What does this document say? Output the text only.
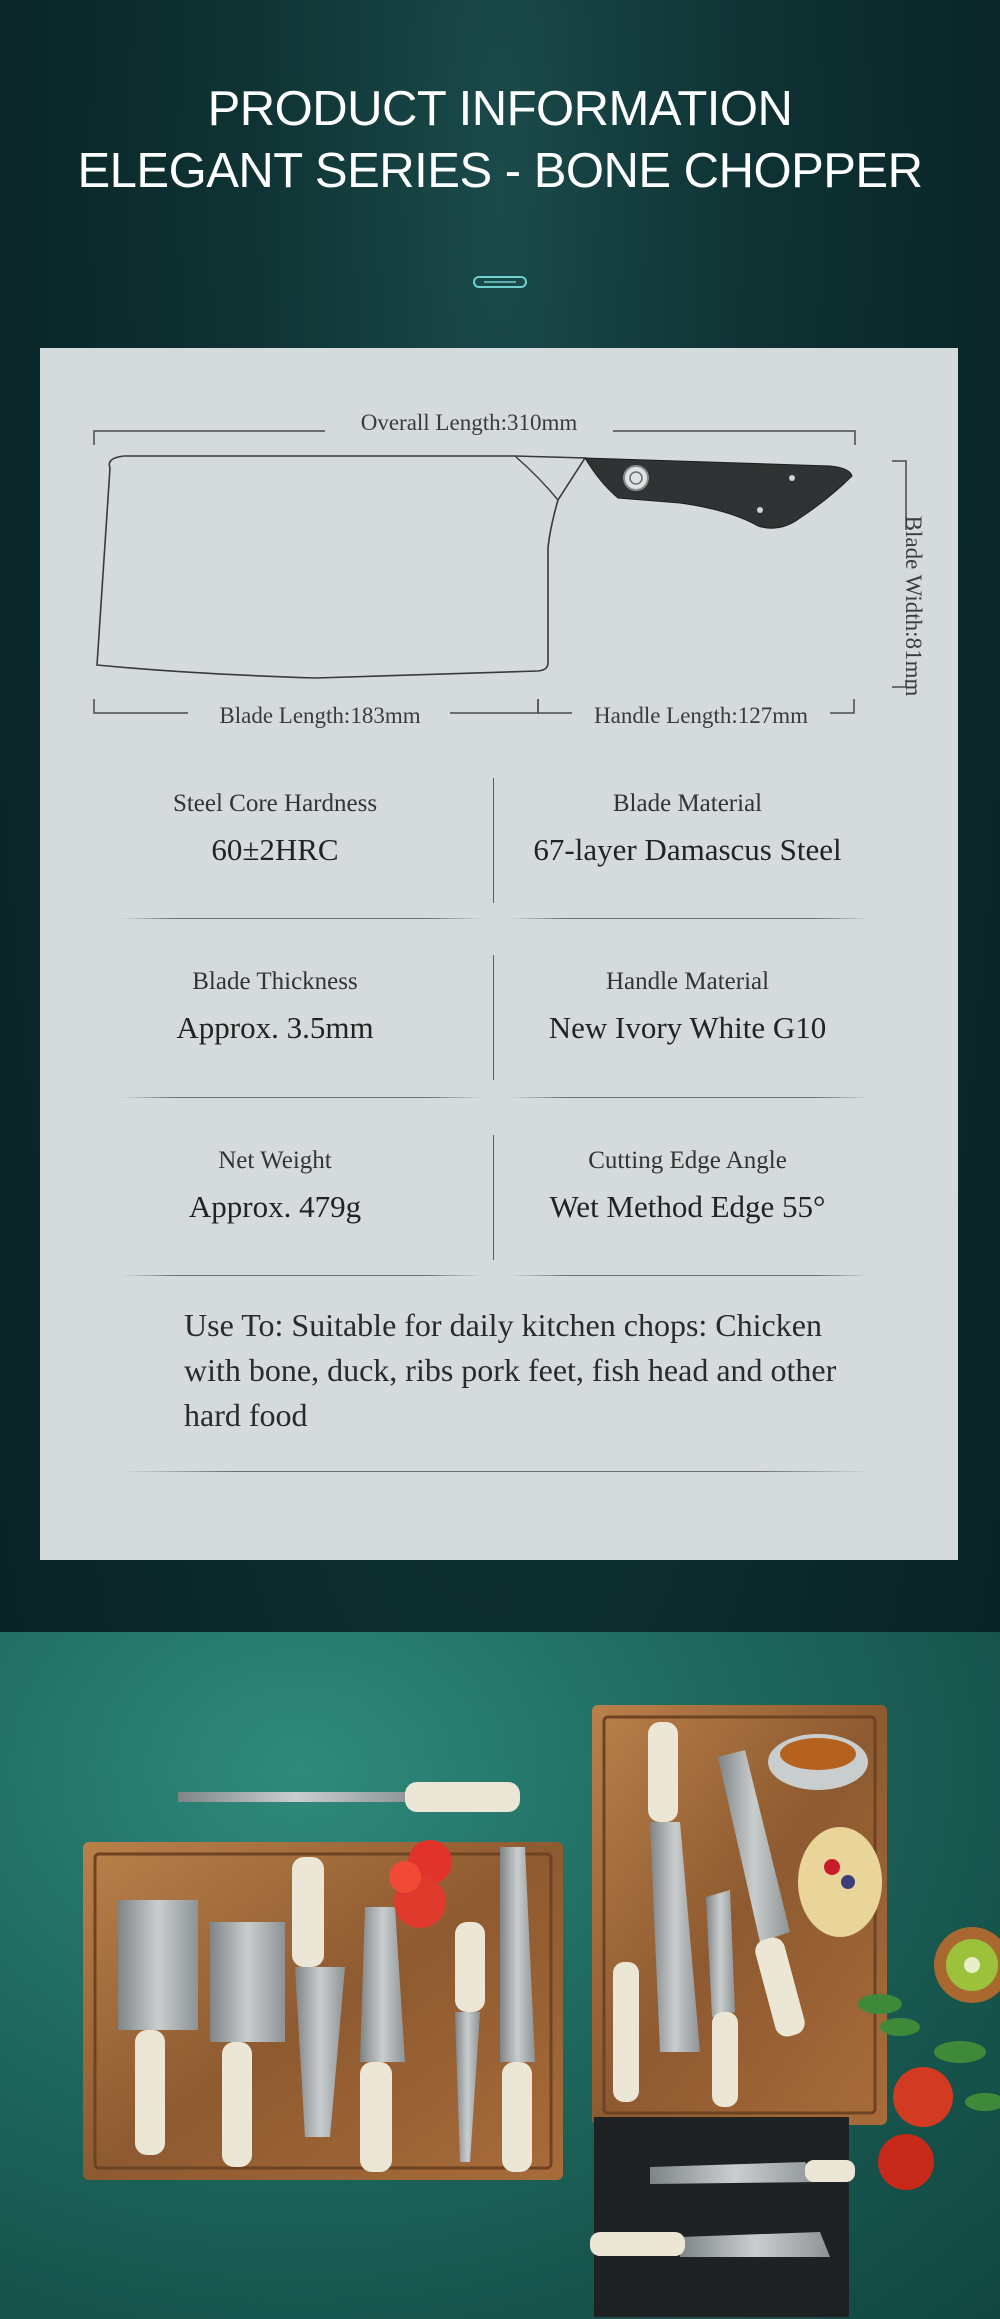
PRODUCT INFORMATION
ELEGANT SERIES - BONE CHOPPER
Overall Length:310mm
Blade Length:183mm	Handle Length:127mm
Blade Width:81mm
Steel Core Hardness
60±2HRC
Blade Material
67-layer Damascus Steel
Blade Thickness
Approx. 3.5mm
Handle Material
New Ivory White G10
Net Weight
Approx. 479g
Cutting Edge Angle
Wet Method Edge 55°
Use To: Suitable for daily kitchen chops: Chicken with bone, duck, ribs pork feet, fish head and other hard food
